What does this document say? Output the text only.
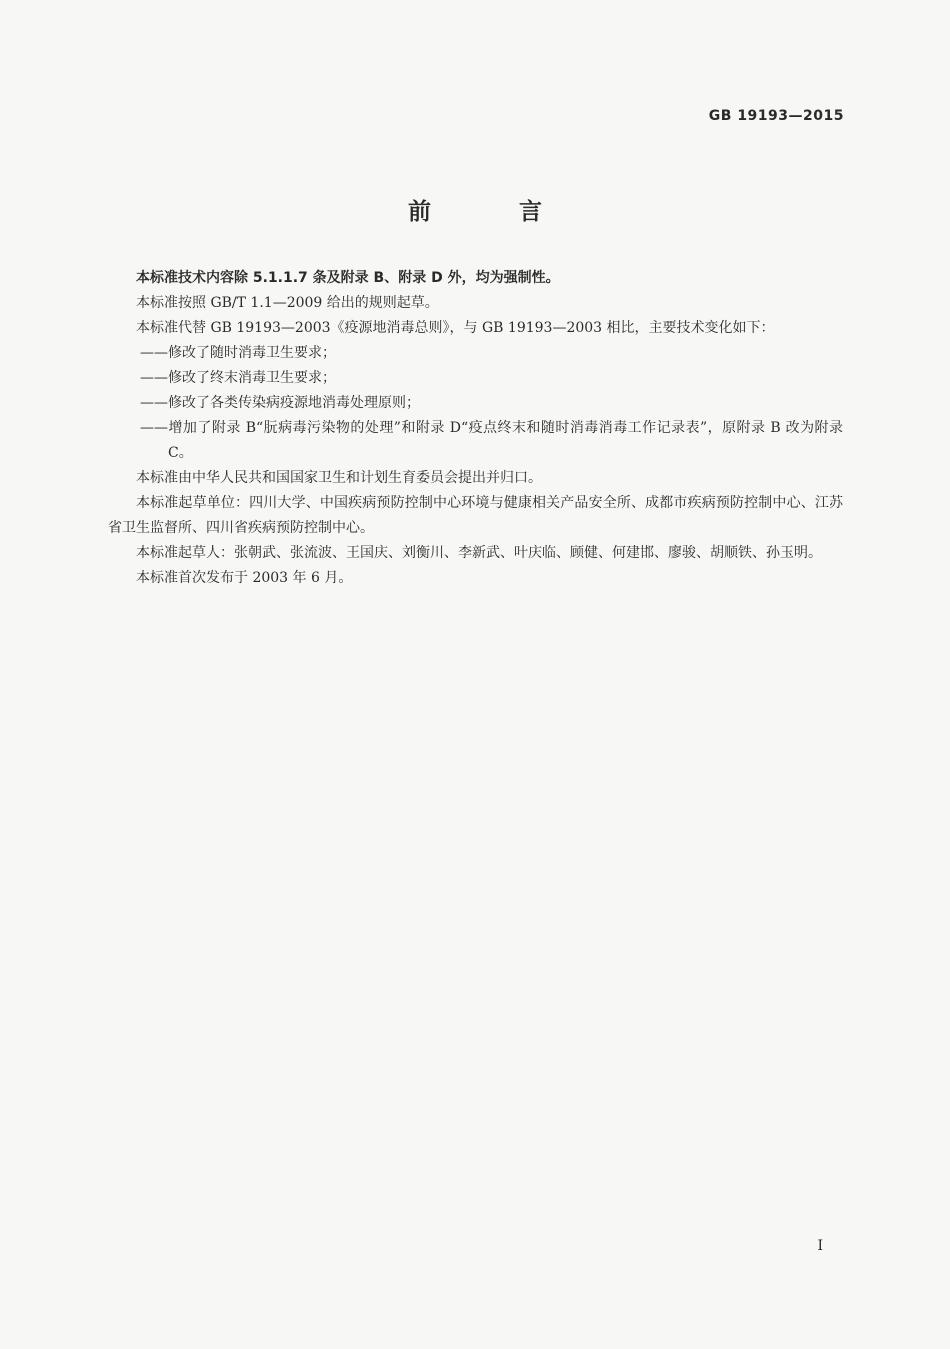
GB 19193—2015
前 言

本标准技术内容除 5.1.1.7 条及附录 B、附录 D 外，均为强制性。

本标准按照 GB/T 1.1—2009 给出的规则起草。

本标准代替 GB 19193—2003《疫源地消毒总则》，与 GB 19193—2003 相比，主要技术变化如下：

——修改了随时消毒卫生要求；

——修改了终末消毒卫生要求；

——修改了各类传染病疫源地消毒处理原则；

——增加了附录 B“朊病毒污染物的处理”和附录 D“疫点终末和随时消毒消毒工作记录表”，原附录 B 改为附录 C。

本标准由中华人民共和国国家卫生和计划生育委员会提出并归口。

本标准起草单位：四川大学、中国疾病预防控制中心环境与健康相关产品安全所、成都市疾病预防控制中心、江苏省卫生监督所、四川省疾病预防控制中心。

本标准起草人：张朝武、张流波、王国庆、刘衡川、李新武、叶庆临、顾健、何建邯、廖骏、胡顺铁、孙玉明。

本标准首次发布于 2003 年 6 月。

I
